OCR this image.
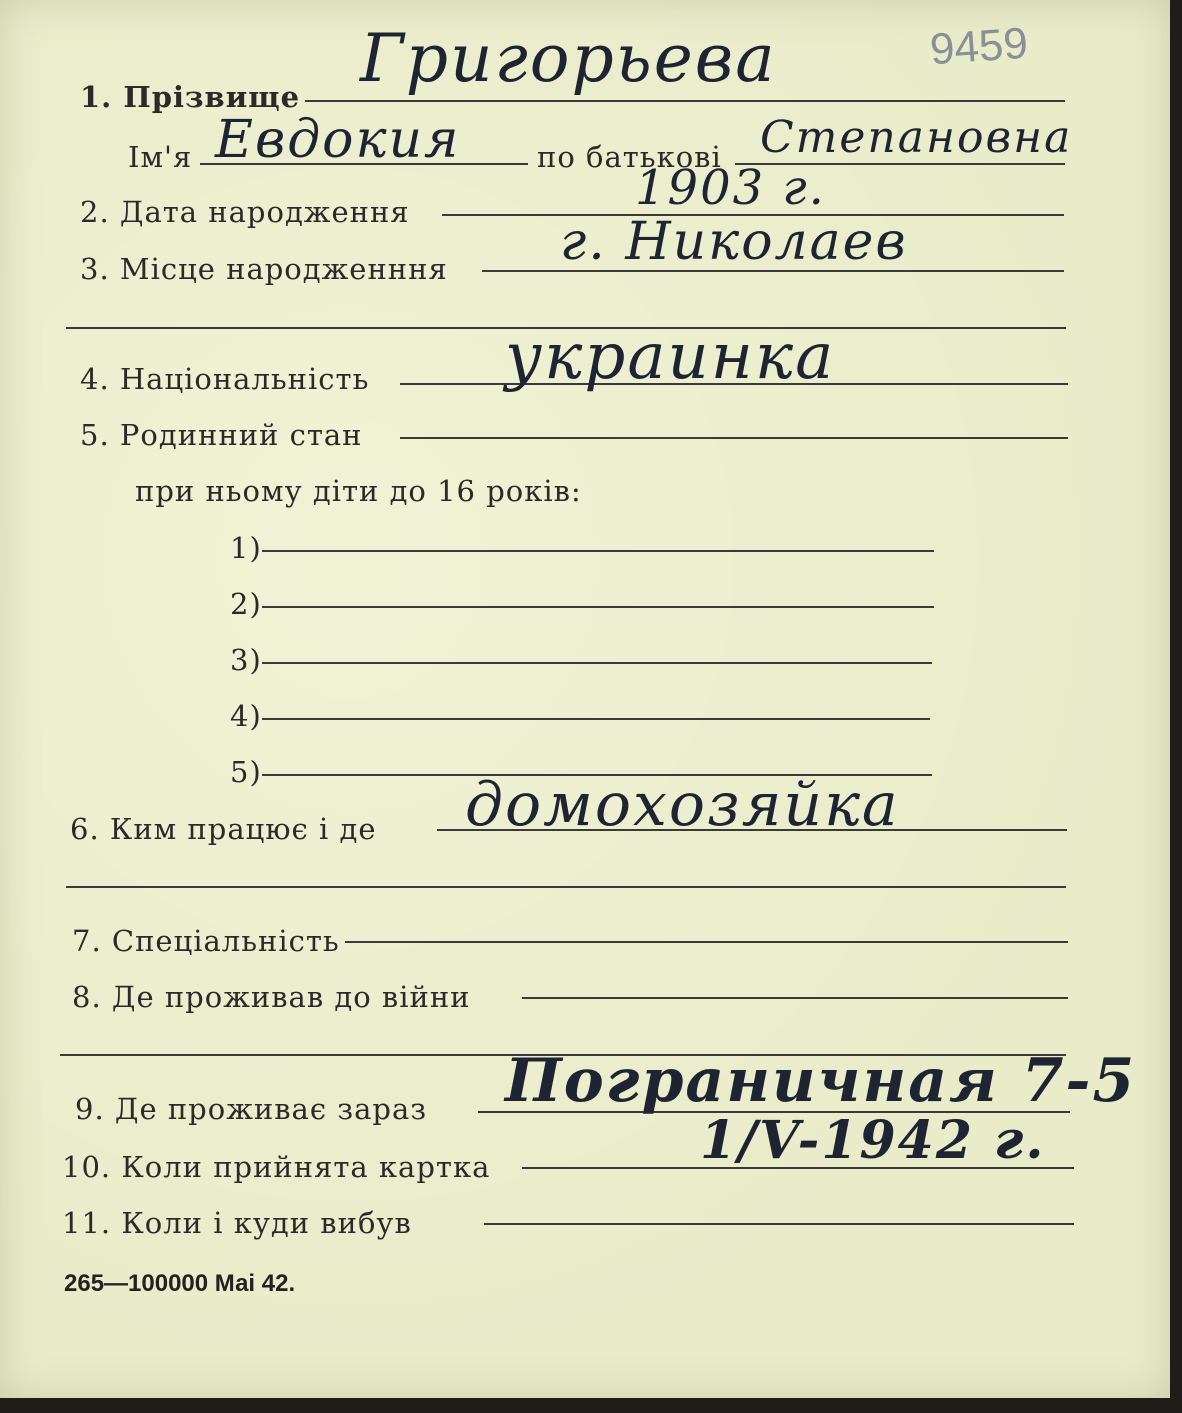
9459
1. Прізвище Григорьева
Ім'я Евдокия	по батькові Степановна
2. Дата народження	1903 г.
3. Місце народженння г. Николаев
4. Національність украинка
5. Родинний стан
при ньому діти до 16 років:
1)
2)
3)
4)
5)
6. Ким працює і де домохозяйка
7. Спеціальність
8. Де проживав до війни
9. Де проживає зараз Пограничная 7-5
10. Коли прийнята картка	1/V-1942 г.
11. Коли і куди вибув
265—100000 Маі 42.
